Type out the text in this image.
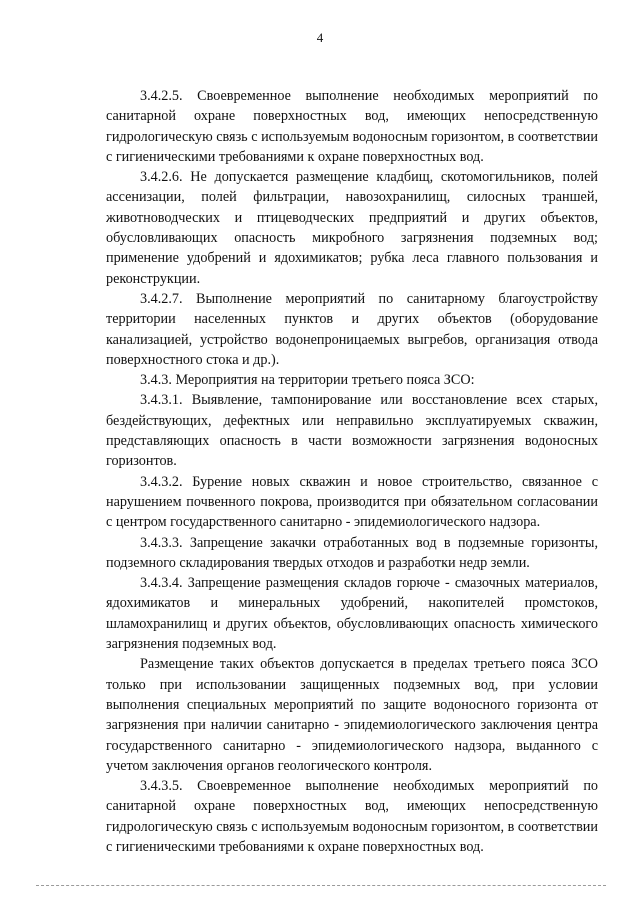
4

3.4.2.5. Своевременное выполнение необходимых мероприятий по санитарной охране поверхностных вод, имеющих непосредственную гидрологическую связь с используемым водоносным горизонтом, в соответствии с гигиеническими требованиями к охране поверхностных вод.

3.4.2.6. Не допускается размещение кладбищ, скотомогильников, полей ассенизации, полей фильтрации, навозохранилищ, силосных траншей, животноводческих и птицеводческих предприятий и других объектов, обусловливающих опасность микробного загрязнения подземных вод; применение удобрений и ядохимикатов; рубка леса главного пользования и реконструкции.

3.4.2.7. Выполнение мероприятий по санитарному благоустройству территории населенных пунктов и других объектов (оборудование канализацией, устройство водонепроницаемых выгребов, организация отвода поверхностного стока и др.).

3.4.3. Мероприятия на территории третьего пояса ЗСО:

3.4.3.1. Выявление, тампонирование или восстановление всех старых, бездействующих, дефектных или неправильно эксплуатируемых скважин, представляющих опасность в части возможности загрязнения водоносных горизонтов.

3.4.3.2. Бурение новых скважин и новое строительство, связанное с нарушением почвенного покрова, производится при обязательном согласовании с центром государственного санитарно - эпидемиологического надзора.

3.4.3.3. Запрещение закачки отработанных вод в подземные горизонты, подземного складирования твердых отходов и разработки недр земли.

3.4.3.4. Запрещение размещения складов горюче - смазочных материалов, ядохимикатов и минеральных удобрений, накопителей промстоков, шламохранилищ и других объектов, обусловливающих опасность химического загрязнения подземных вод.

Размещение таких объектов допускается в пределах третьего пояса ЗСО только при использовании защищенных подземных вод, при условии выполнения специальных мероприятий по защите водоносного горизонта от загрязнения при наличии санитарно - эпидемиологического заключения центра государственного санитарно - эпидемиологического надзора, выданного с учетом заключения органов геологического контроля.

3.4.3.5. Своевременное выполнение необходимых мероприятий по санитарной охране поверхностных вод, имеющих непосредственную гидрологическую связь с используемым водоносным горизонтом, в соответствии с гигиеническими требованиями к охране поверхностных вод.
